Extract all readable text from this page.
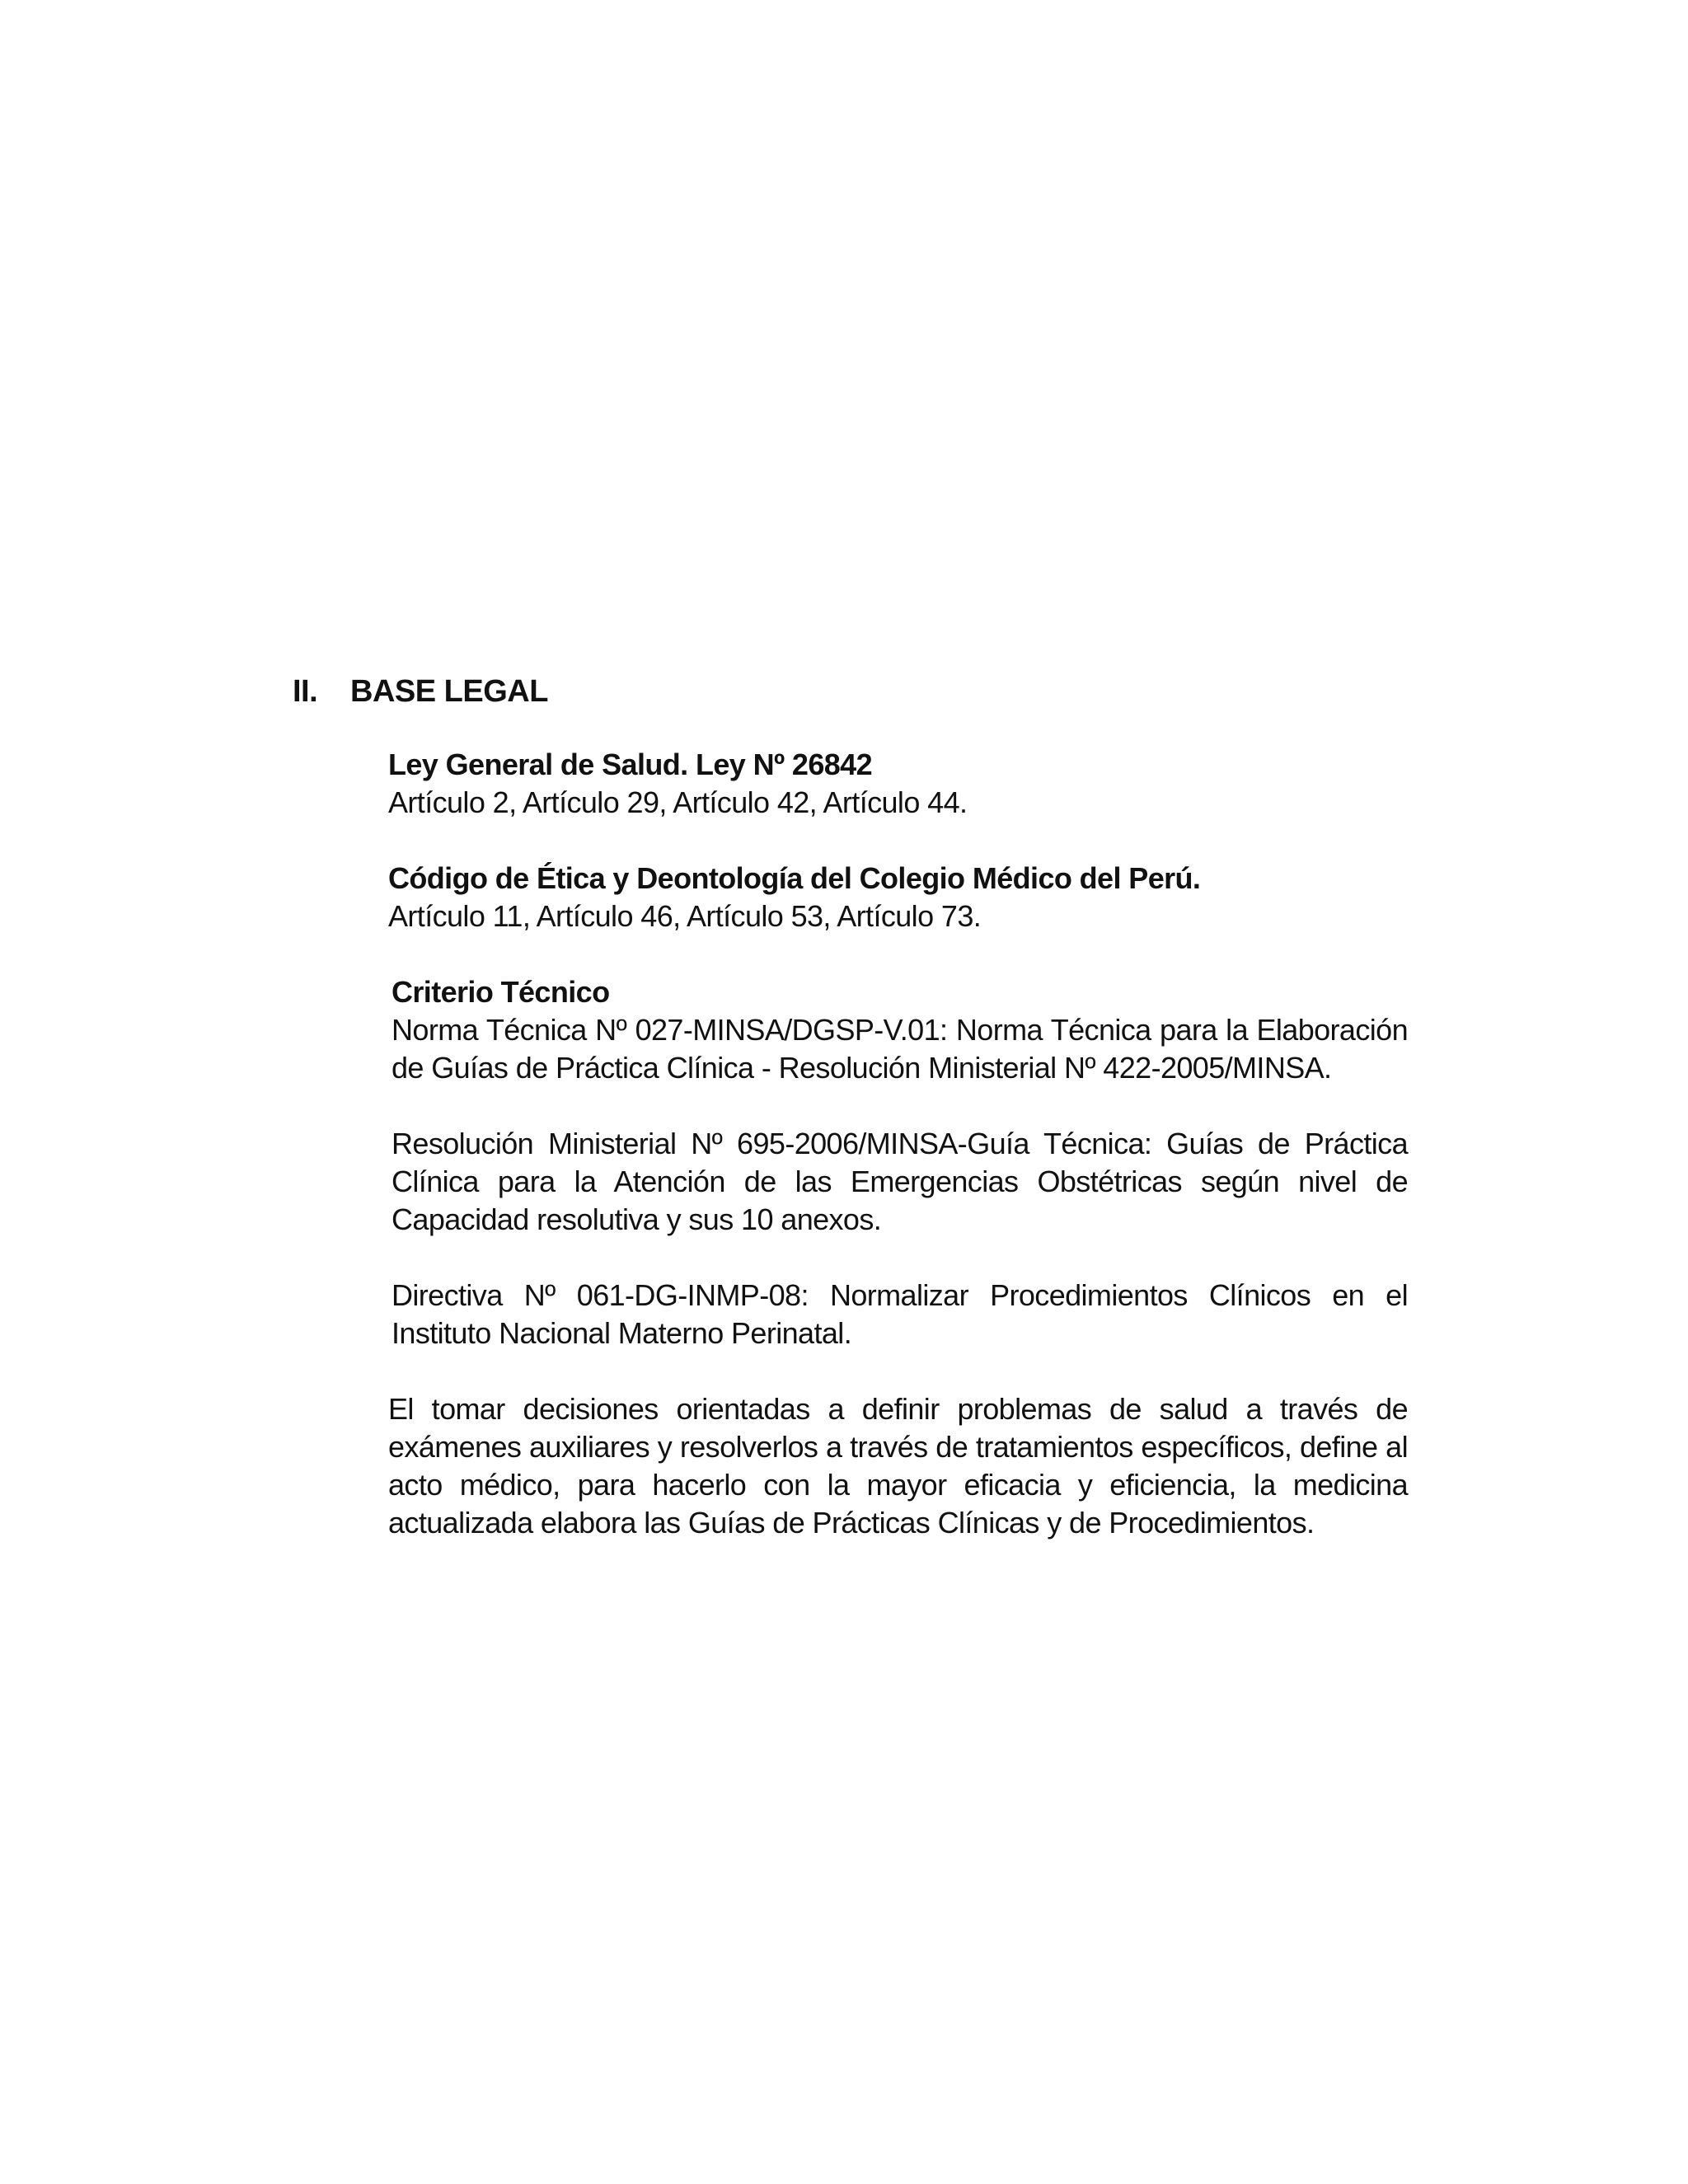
II. BASE LEGAL

Ley General de Salud. Ley Nº 26842

Artículo 2, Artículo 29, Artículo 42, Artículo 44.

Código de Ética y Deontología del Colegio Médico del Perú.

Artículo 11, Artículo 46, Artículo 53, Artículo 73.

Criterio Técnico

Norma Técnica Nº 027-MINSA/DGSP-V.01: Norma Técnica para la Elaboración de Guías de Práctica Clínica - Resolución Ministerial Nº 422-2005/MINSA.

Resolución Ministerial Nº 695-2006/MINSA-Guía Técnica: Guías de Práctica Clínica para la Atención de las Emergencias Obstétricas según nivel de Capacidad resolutiva y sus 10 anexos.

Directiva Nº 061-DG-INMP-08: Normalizar Procedimientos Clínicos en el Instituto Nacional Materno Perinatal.

El tomar decisiones orientadas a definir problemas de salud a través de exámenes auxiliares y resolverlos a través de tratamientos específicos, define al acto médico, para hacerlo con la mayor eficacia y eficiencia, la medicina actualizada elabora las Guías de Prácticas Clínicas y de Procedimientos.
